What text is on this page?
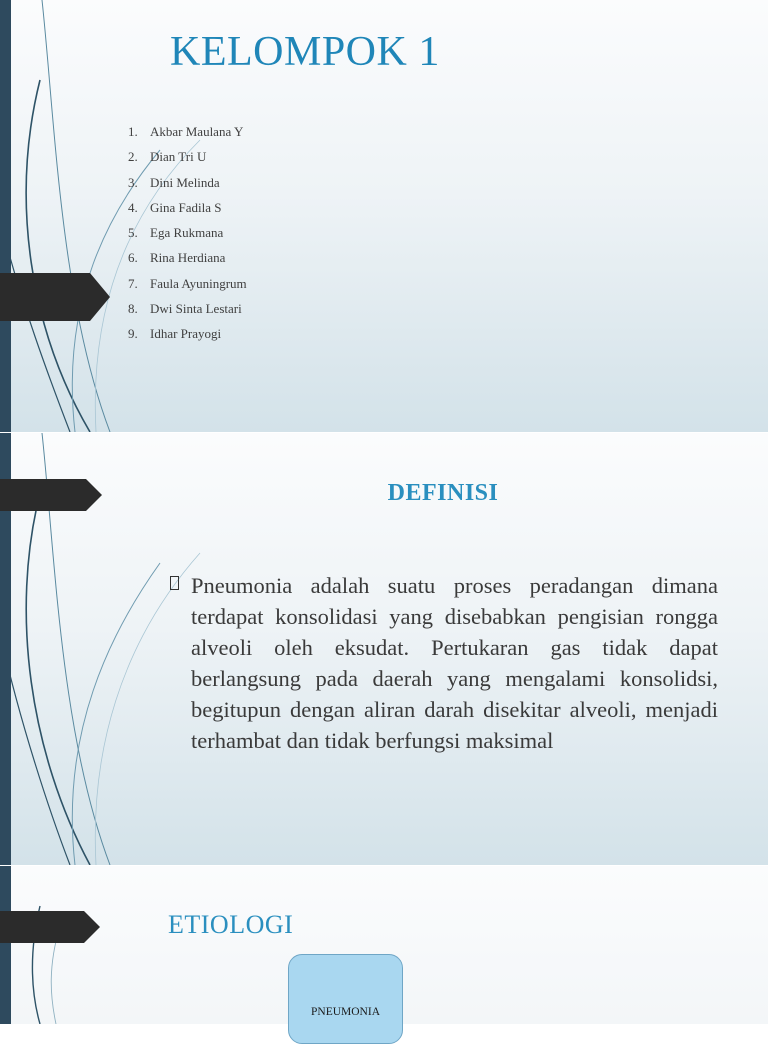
KELOMPOK 1
1. Akbar Maulana Y
2. Dian Tri U
3. Dini Melinda
4. Gina Fadila S
5. Ega Rukmana
6. Rina Herdiana
7. Faula Ayuningrum
8. Dwi Sinta Lestari
9. Idhar Prayogi
DEFINISI

Pneumonia adalah suatu proses peradangan dimana terdapat konsolidasi yang disebabkan pengisian rongga alveoli oleh eksudat. Pertukaran gas tidak dapat berlangsung pada daerah yang mengalami konsolidsi, begitupun dengan aliran darah disekitar alveoli, menjadi terhambat dan tidak berfungsi maksimal

ETIOLOGI
PNEUMONIA
